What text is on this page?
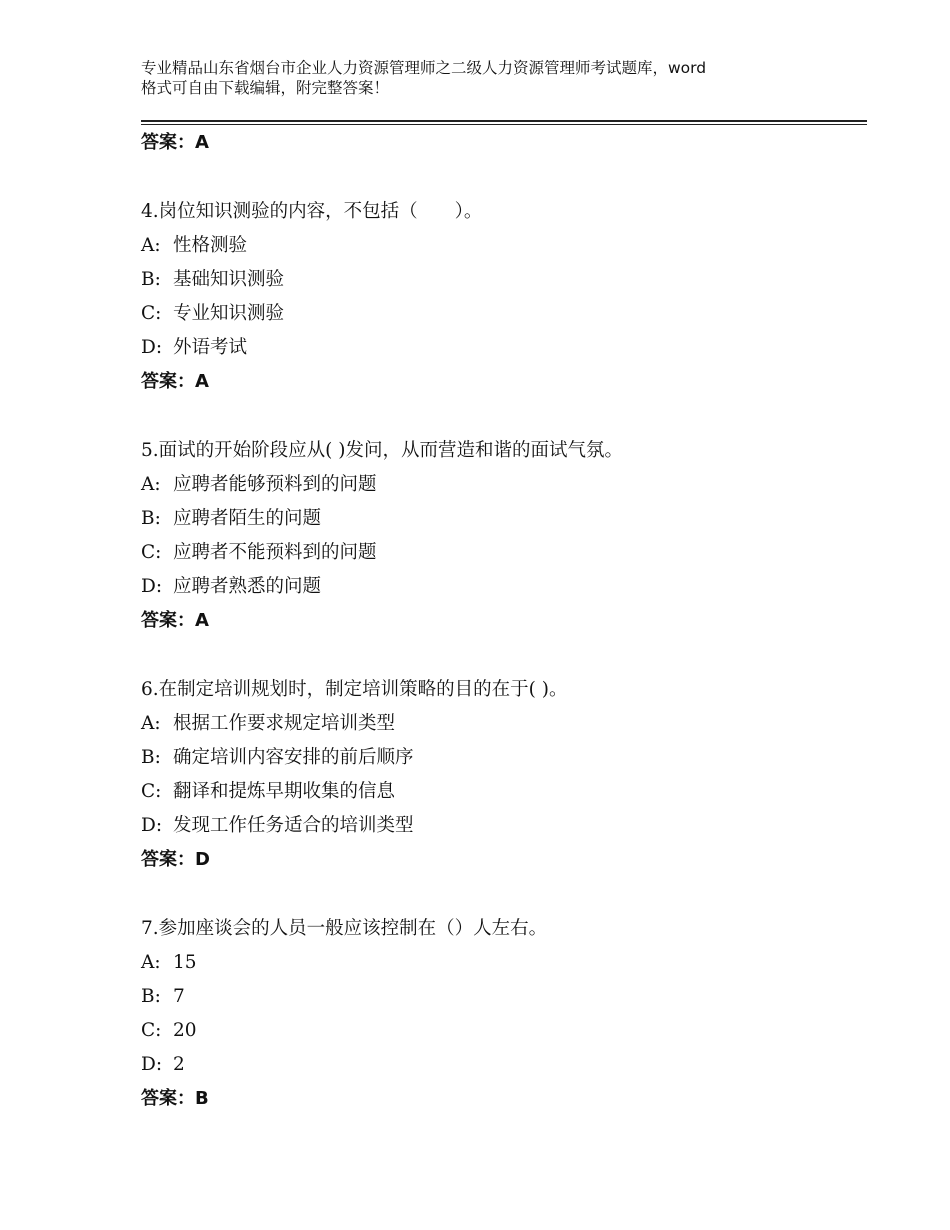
专业精品山东省烟台市企业人力资源管理师之二级人力资源管理师考试题库，word
格式可自由下载编辑，附完整答案！
答案：A
4.岗位知识测验的内容，不包括（　　）。
A: 性格测验
B: 基础知识测验
C: 专业知识测验
D: 外语考试
答案：A
5.面试的开始阶段应从( )发问，从而营造和谐的面试气氛。
A: 应聘者能够预料到的问题
B: 应聘者陌生的问题
C: 应聘者不能预料到的问题
D: 应聘者熟悉的问题
答案：A
6.在制定培训规划时，制定培训策略的目的在于( )。
A: 根据工作要求规定培训类型
B: 确定培训内容安排的前后顺序
C: 翻译和提炼早期收集的信息
D: 发现工作任务适合的培训类型
答案：D
7.参加座谈会的人员一般应该控制在（）人左右。
A: 15
B: 7
C: 20
D: 2
答案：B
